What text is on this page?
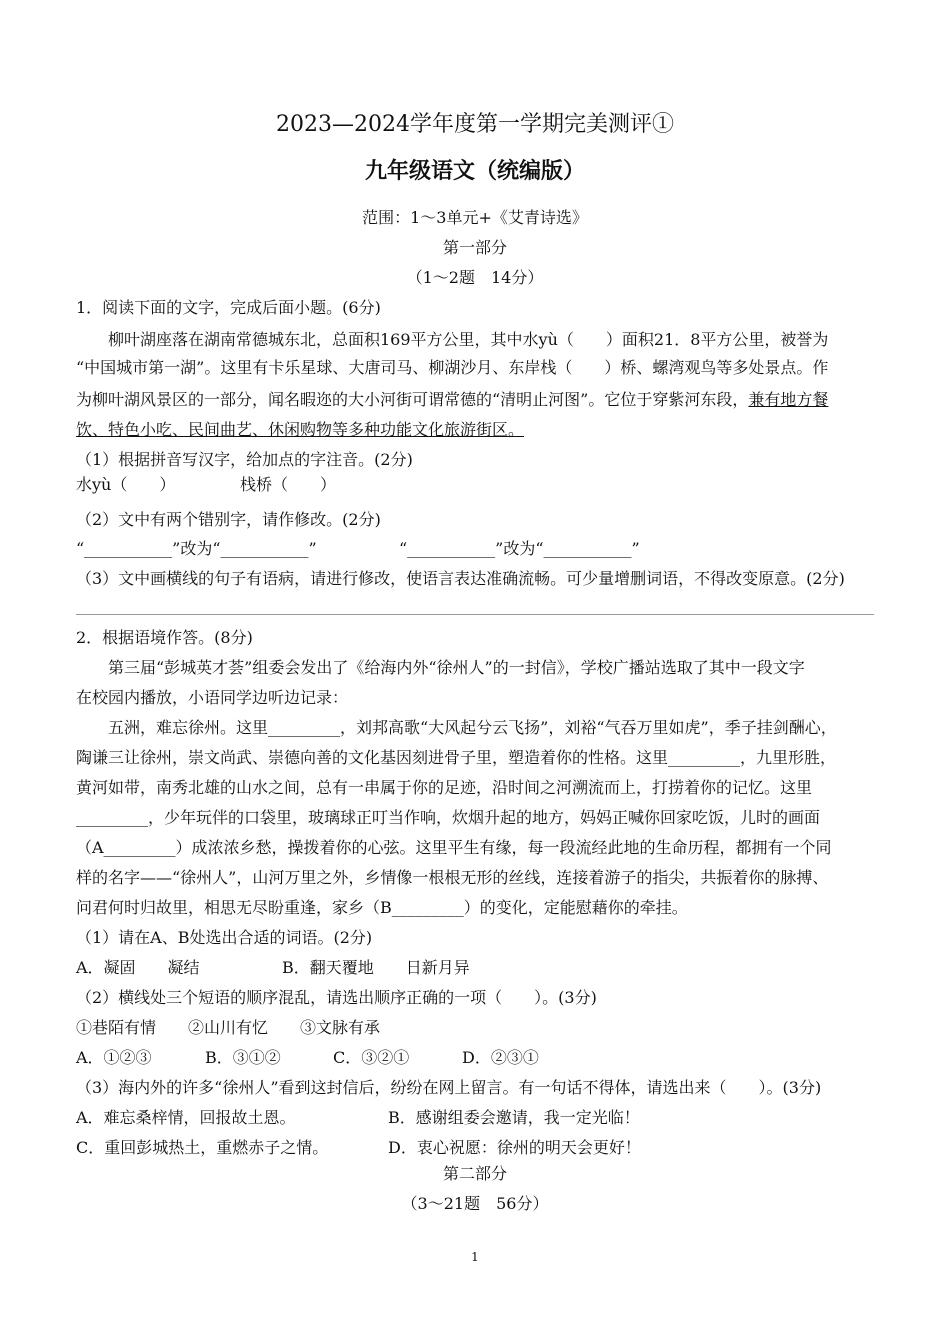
2023—2024学年度第一学期完美测评①
九年级语文（统编版）
范围：1～3单元+《艾青诗选》
第一部分
（1～2题　14分）
1．阅读下面的文字，完成后面小题。(6分)
柳叶湖座落在湖南常德城东北，总面积169平方公里，其中水yù（　　）面积21．8平方公里，被誉为
“中国城市第一湖”。这里有卡乐星球、大唐司马、柳湖沙月、东岸栈（　　）桥、螺湾观鸟等多处景点。作
为柳叶湖风景区的一部分，闻名暇迩的大小河街可谓常德的“清明止河图”。它位于穿紫河东段，兼有地方餐
饮、特色小吃、民间曲艺、休闲购物等多种功能文化旅游街区。
（1）根据拼音写汉字，给加点的字注音。(2分)
水yù（　　）	栈桥（　　）
（2）文中有两个错别字，请作修改。(2分)
“___________”改为“___________”	“___________”改为“___________”
（3）文中画横线的句子有语病，请进行修改，使语言表达准确流畅。可少量增删词语，不得改变原意。(2分)
2．根据语境作答。(8分)
第三届“彭城英才荟”组委会发出了《给海内外“徐州人”的一封信》，学校广播站选取了其中一段文字
在校园内播放，小语同学边听边记录：
五洲，难忘徐州。这里_________，刘邦高歌“大风起兮云飞扬”，刘裕“气吞万里如虎”，季子挂剑酬心，
陶谦三让徐州，崇文尚武、崇德向善的文化基因刻进骨子里，塑造着你的性格。这里_________，九里形胜，
黄河如带，南秀北雄的山水之间，总有一串属于你的足迹，沿时间之河溯流而上，打捞着你的记忆。这里
_________，少年玩伴的口袋里，玻璃球正叮当作响，炊烟升起的地方，妈妈正喊你回家吃饭，儿时的画面
（A_________）成浓浓乡愁，操拨着你的心弦。这里平生有缘，每一段流经此地的生命历程，都拥有一个同
样的名字——“徐州人”，山河万里之外，乡情像一根根无形的丝线，连接着游子的指尖，共振着你的脉搏、
问君何时归故里，相思无尽盼重逢，家乡（B_________）的变化，定能慰藉你的牵挂。
（1）请在A、B处选出合适的词语。(2分)
A．凝固　　凝结	B．翻天覆地　　日新月异
（2）横线处三个短语的顺序混乱，请选出顺序正确的一项（　　）。(3分)
①巷陌有情　　②山川有忆　　③文脉有承
A．①②③	B．③①②	C．③②①	D．②③①
（3）海内外的许多“徐州人”看到这封信后，纷纷在网上留言。有一句话不得体，请选出来（　　）。(3分)
A．难忘桑梓情，回报故土恩。	B．感谢组委会邀请，我一定光临！
C．重回彭城热土，重燃赤子之情。	D．衷心祝愿：徐州的明天会更好！
第二部分
（3～21题　56分）
1
